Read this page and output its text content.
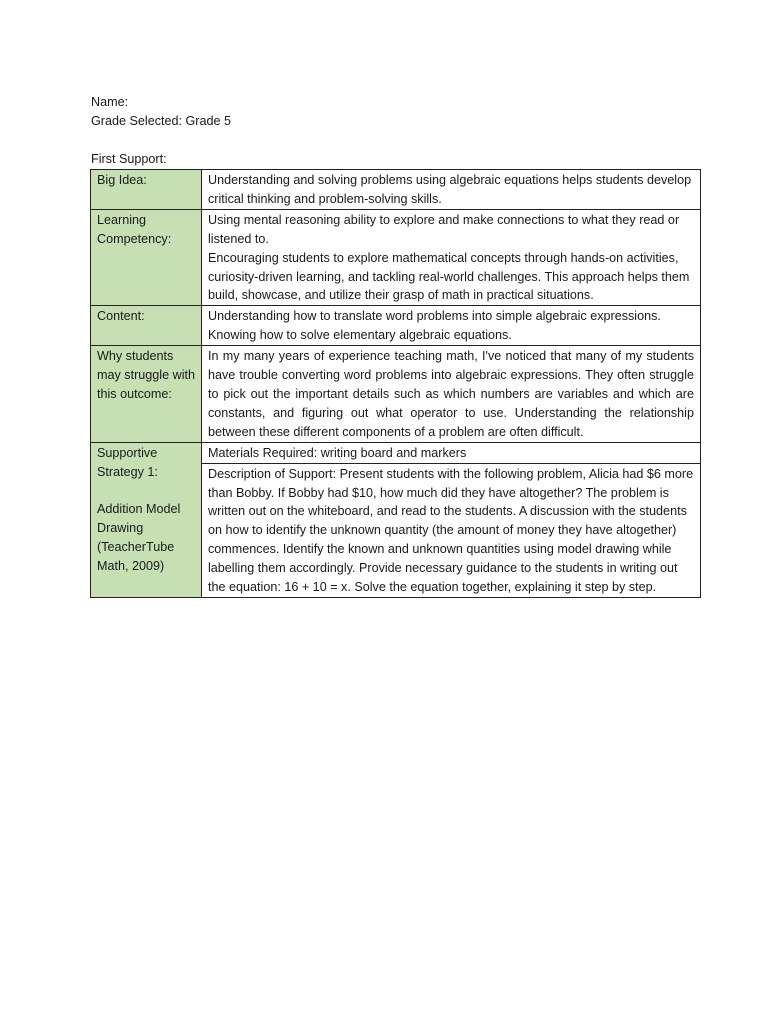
Name:
Grade Selected: Grade 5
First Support:
Big Idea:	Understanding and solving problems using algebraic equations helps students develop critical thinking and problem-solving skills.
Learning Competency:	Using mental reasoning ability to explore and make connections to what they read or listened to.
Encouraging students to explore mathematical concepts through hands-on activities, curiosity-driven learning, and tackling real-world challenges. This approach helps them build, showcase, and utilize their grasp of math in practical situations.

Content:	Understanding how to translate word problems into simple algebraic expressions.
Knowing how to solve elementary algebraic equations.

Why students may struggle with this outcome:	In my many years of experience teaching math, I've noticed that many of my students have trouble converting word problems into algebraic expressions. They often struggle to pick out the important details such as which numbers are variables and which are constants, and figuring out what operator to use. Understanding the relationship between these different components of a problem are often difficult.

Supportive Strategy 1:
Addition Model Drawing (TeacherTube Math, 2009)	Materials Required: writing board and markers
	Description of Support: Present students with the following problem, Alicia had $6 more than Bobby. If Bobby had $10, how much did they have altogether? The problem is written out on the whiteboard, and read to the students. A discussion with the students on how to identify the unknown quantity (the amount of money they have altogether) commences. Identify the known and unknown quantities using model drawing while labelling them accordingly. Provide necessary guidance to the students in writing out the equation: 16 + 10 = x. Solve the equation together, explaining it step by step.
